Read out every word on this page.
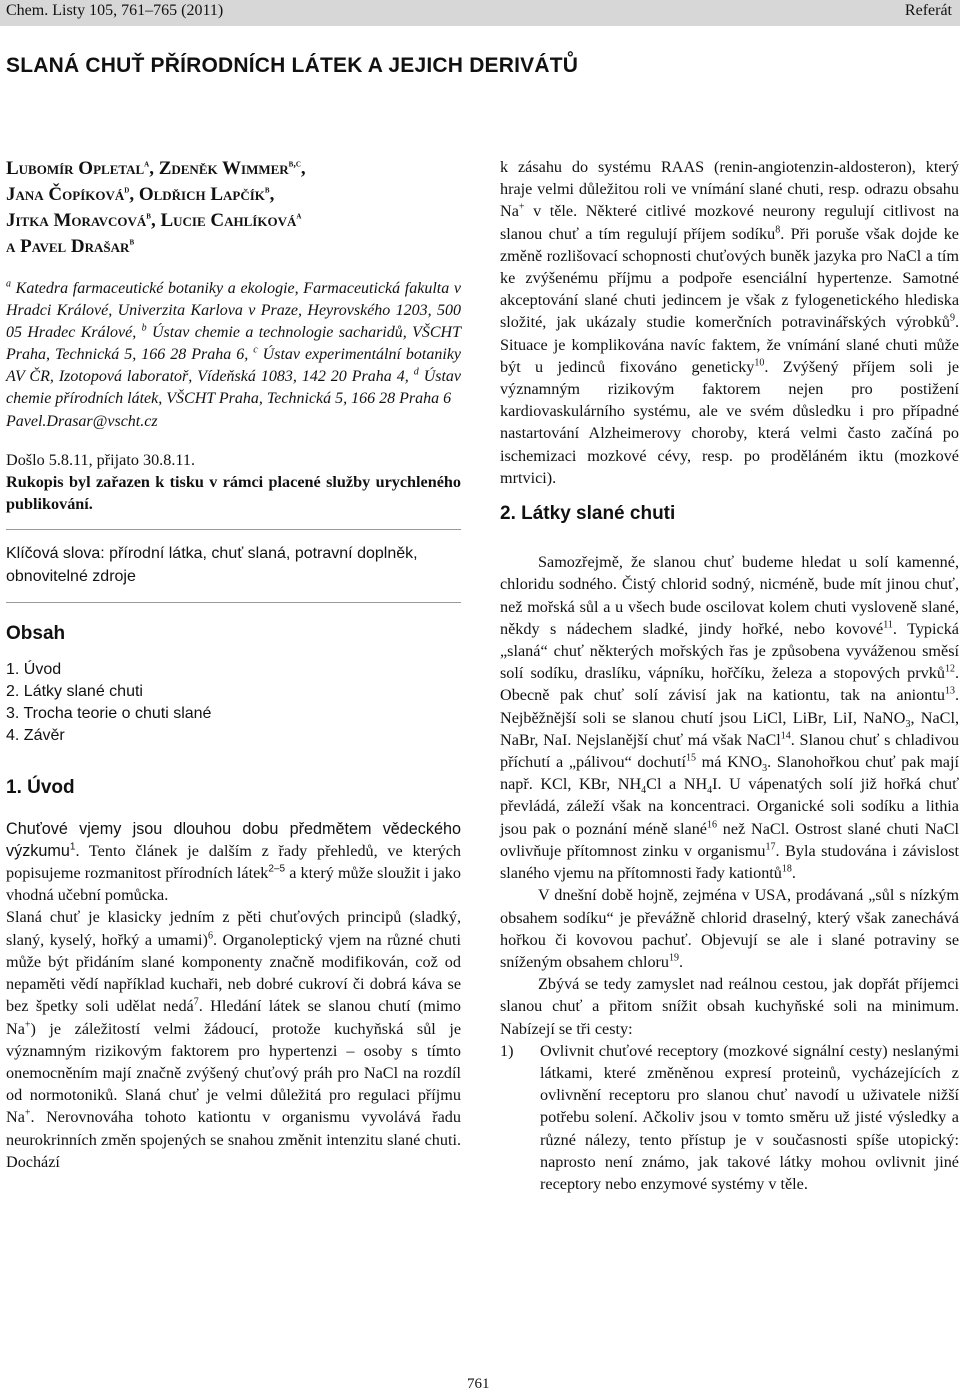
Chem. Listy 105, 761–765 (2011)	Referát
SLANÁ CHUŤ PŘÍRODNÍCH LÁTEK A JEJICH DERIVÁTŮ

Lubomír Opletal$^a$, Zdeněk Wimmer$^{b,c}$,
Jana Čopíková$^d$, Oldřich Lapčík$^b$,
Jitka Moravcová$^b$, Lucie Cahlíková$^a$
a Pavel Drašar$^b$

$^a$ Katedra farmaceutické botaniky a ekologie, Farmaceutická fakulta v Hradci Králové, Univerzita Karlova v Praze, Heyrovského 1203, 500 05 Hradec Králové, $^b$ Ústav chemie a technologie sacharidů, VŠCHT Praha, Technická 5, 166 28 Praha 6, $^c$ Ústav experimentální botaniky AV ČR, Izotopová laboratoř, Vídeňská 1083, 142 20 Praha 4, $^d$ Ústav chemie přírodních látek, VŠCHT Praha, Technická 5, 166 28 Praha 6
Pavel.Drasar@vscht.cz
Došlo 5.8.11, přijato 30.8.11.
Rukopis byl zařazen k tisku v rámci placené služby urychleného publikování.
Klíčová slova: přírodní látka, chuť slaná, potravní doplněk, obnovitelné zdroje
Obsah
1. Úvod
2. Látky slané chuti
3. Trocha teorie o chuti slané
4. Závěr
1. Úvod

Chuťové vjemy jsou dlouhou dobu předmětem vědeckého výzkumu$^1$. Tento článek je dalším z řady přehledů, ve kterých popisujeme rozmanitost přírodních látek$^{2-5}$ a který může sloužit i jako vhodná učební pomůcka.

Slaná chuť je klasicky jedním z pěti chuťových principů (sladký, slaný, kyselý, hořký a umami)$^6$. Organoleptický vjem na různé chuti může být přidáním slané komponenty značně modifikován, což od nepaměti vědí například kuchaři, neb dobré cukroví či dobrá káva se bez špetky soli udělat nedá$^7$. Hledání látek se slanou chutí (mimo Na+) je záležitostí velmi žádoucí, protože kuchyňská sůl je významným rizikovým faktorem pro hypertenzi – osoby s tímto onemocněním mají značně zvýšený chuťový práh pro NaCl na rozdíl od normotoniků. Slaná chuť je velmi důležitá pro regulaci příjmu Na+. Nerovnováha tohoto kationtu v organismu vyvolává řadu neurokrinních změn spojených se snahou změnit intenzitu slané chuti. Dochází

k zásahu do systému RAAS (renin-angiotenzin-aldosteron), který hraje velmi důležitou roli ve vnímání slané chuti, resp. odrazu obsahu Na+ v těle. Některé citlivé mozkové neurony regulují citlivost na slanou chuť a tím regulují příjem sodíku$^8$. Při poruše však dojde ke změně rozlišovací schopnosti chuťových buněk jazyka pro NaCl a tím ke zvýšenému příjmu a podpoře esenciální hypertenze. Samotné akceptování slané chuti jedincem je však z fylogenetického hlediska složité, jak ukázaly studie komerčních potravinářských výrobků$^9$. Situace je komplikována navíc faktem, že vnímání slané chuti může být u jedinců fixováno geneticky$^{10}$. Zvýšený příjem soli je významným rizikovým faktorem nejen pro postižení kardiovaskulárního systému, ale ve svém důsledku i pro případné nastartování Alzheimerovy choroby, která velmi často začíná po ischemizaci mozkové cévy, resp. po proděláném iktu (mozkové mrtvici).

2. Látky slané chuti

Samozřejmě, že slanou chuť budeme hledat u solí kamenné, chloridu sodného. Čistý chlorid sodný, nicméně, bude mít jinou chuť, než mořská sůl a u všech bude oscilovat kolem chuti vysloveně slané, někdy s nádechem sladké, jindy hořké, nebo kovové$^{11}$. Typická „slaná“ chuť některých mořských řas je způsobena vyváženou směsí solí sodíku, draslíku, vápníku, hořčíku, železa a stopových prvků$^{12}$. Obecně pak chuť solí závisí jak na kationtu, tak na aniontu$^{13}$. Nejběžnější soli se slanou chutí jsou LiCl, LiBr, LiI, NaNO$_3$, NaCl, NaBr, NaI. Nejslanější chuť má však NaCl$^{14}$. Slanou chuť s chladivou příchutí a „pálivou“ dochutí$^{15}$ má $KNO_3$. Slanohořkou chuť pak mají např. KCl, KBr, $NH_4Cl$ a $NH_4I$. U vápenatých solí již hořká chuť převládá, záleží však na koncentraci. Organické soli sodíku a lithia jsou pak o poznání méně slané$^{16}$ než NaCl. Ostrost slané chuti NaCl ovlivňuje přítomnost zinku v organismu$^{17}$. Byla studována i závislost slaného vjemu na přítomnosti řady kationtů$^{18}$.

V dnešní době hojně, zejména v USA, prodávaná „sůl s nízkým obsahem sodíku“ je převážně chlorid draselný, který však zanechává hořkou či kovovou pachuť. Objevují se ale i slané potraviny se sníženým obsahem chloru$^{19}$.

Zbývá se tedy zamyslet nad reálnou cestou, jak dopřát příjemci slanou chuť a přitom snížit obsah kuchyňské soli na minimum. Nabízejí se tři cesty:

1)	Ovlivnit chuťové receptory (mozkové signální cesty) neslanými látkami, které změněnou expresí proteinů, vycházejících z ovlivnění receptoru pro slanou chuť navodí u uživatele nižší potřebu solení. Ačkoliv jsou v tomto směru už jisté výsledky a různé nálezy, tento přístup je v současnosti spíše utopický: naprosto není známo, jak takové látky mohou ovlivnit jiné receptory nebo enzymové systémy v těle.
761
